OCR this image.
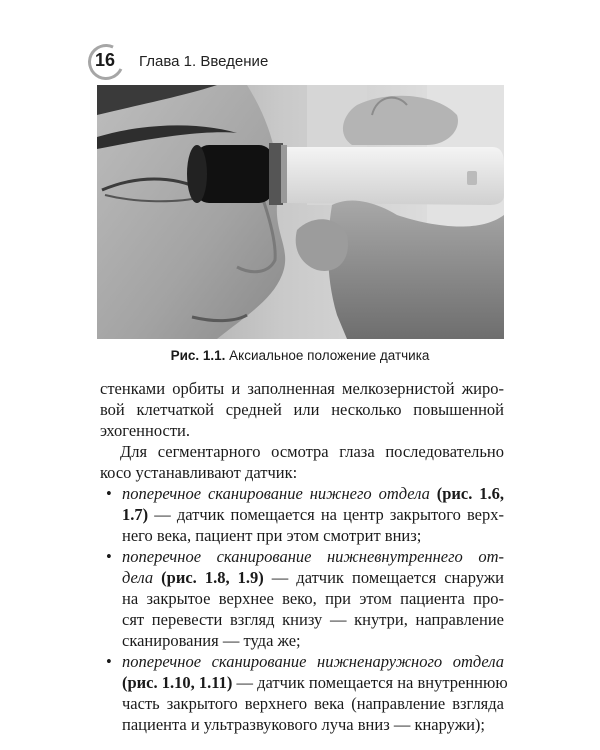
16 Глава 1. Введение
Рис. 1.1. Аксиальное положение датчика
стенками орбиты и заполненная мелкозернистой жиро-
вой клетчаткой средней или несколько повышенной
эхогенности.
Для сегментарного осмотра глаза последовательно
косо устанавливают датчик:
• поперечное сканирование нижнего отдела (рис. 1.6,
1.7) — датчик помещается на центр закрытого верх-
него века, пациент при этом смотрит вниз;
• поперечное сканирование нижневнутреннего от-
дела (рис. 1.8, 1.9) — датчик помещается снаружи
на закрытое верхнее веко, при этом пациента про-
сят перевести взгляд книзу — кнутри, направление
сканирования — туда же;
• поперечное сканирование нижненаружного отдела
(рис. 1.10, 1.11) — датчик помещается на внутреннюю
часть закрытого верхнего века (направление взгляда
пациента и ультразвукового луча вниз — кнаружи);
